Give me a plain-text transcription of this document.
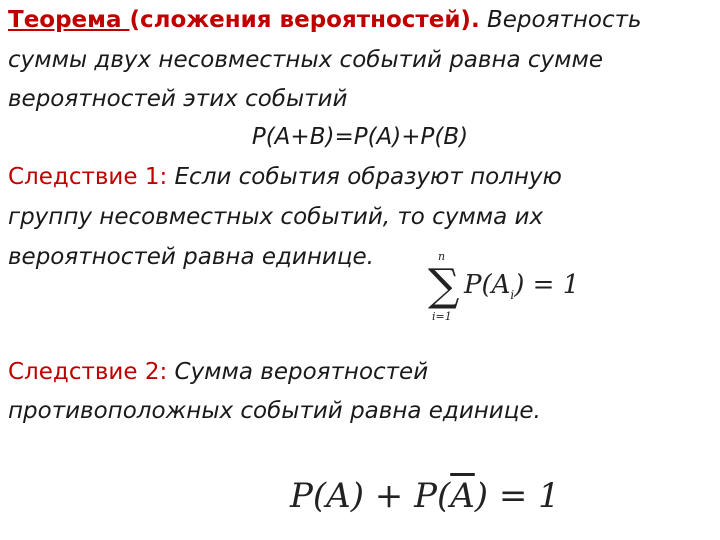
Теорема (сложения вероятностей). Вероятность
суммы двух несовместных событий равна сумме
вероятностей этих событий
P(A+B)=P(A)+P(B)
Следствие 1: Если события образуют полную
группу несовместных событий, то сумма их
вероятностей равна единице.	n
∑
i=1
$P(A_i) = 1$
Следствие 2: Сумма вероятностей
противоположных событий равна единице.
$P(A) + P(\overline{A}) = 1$
